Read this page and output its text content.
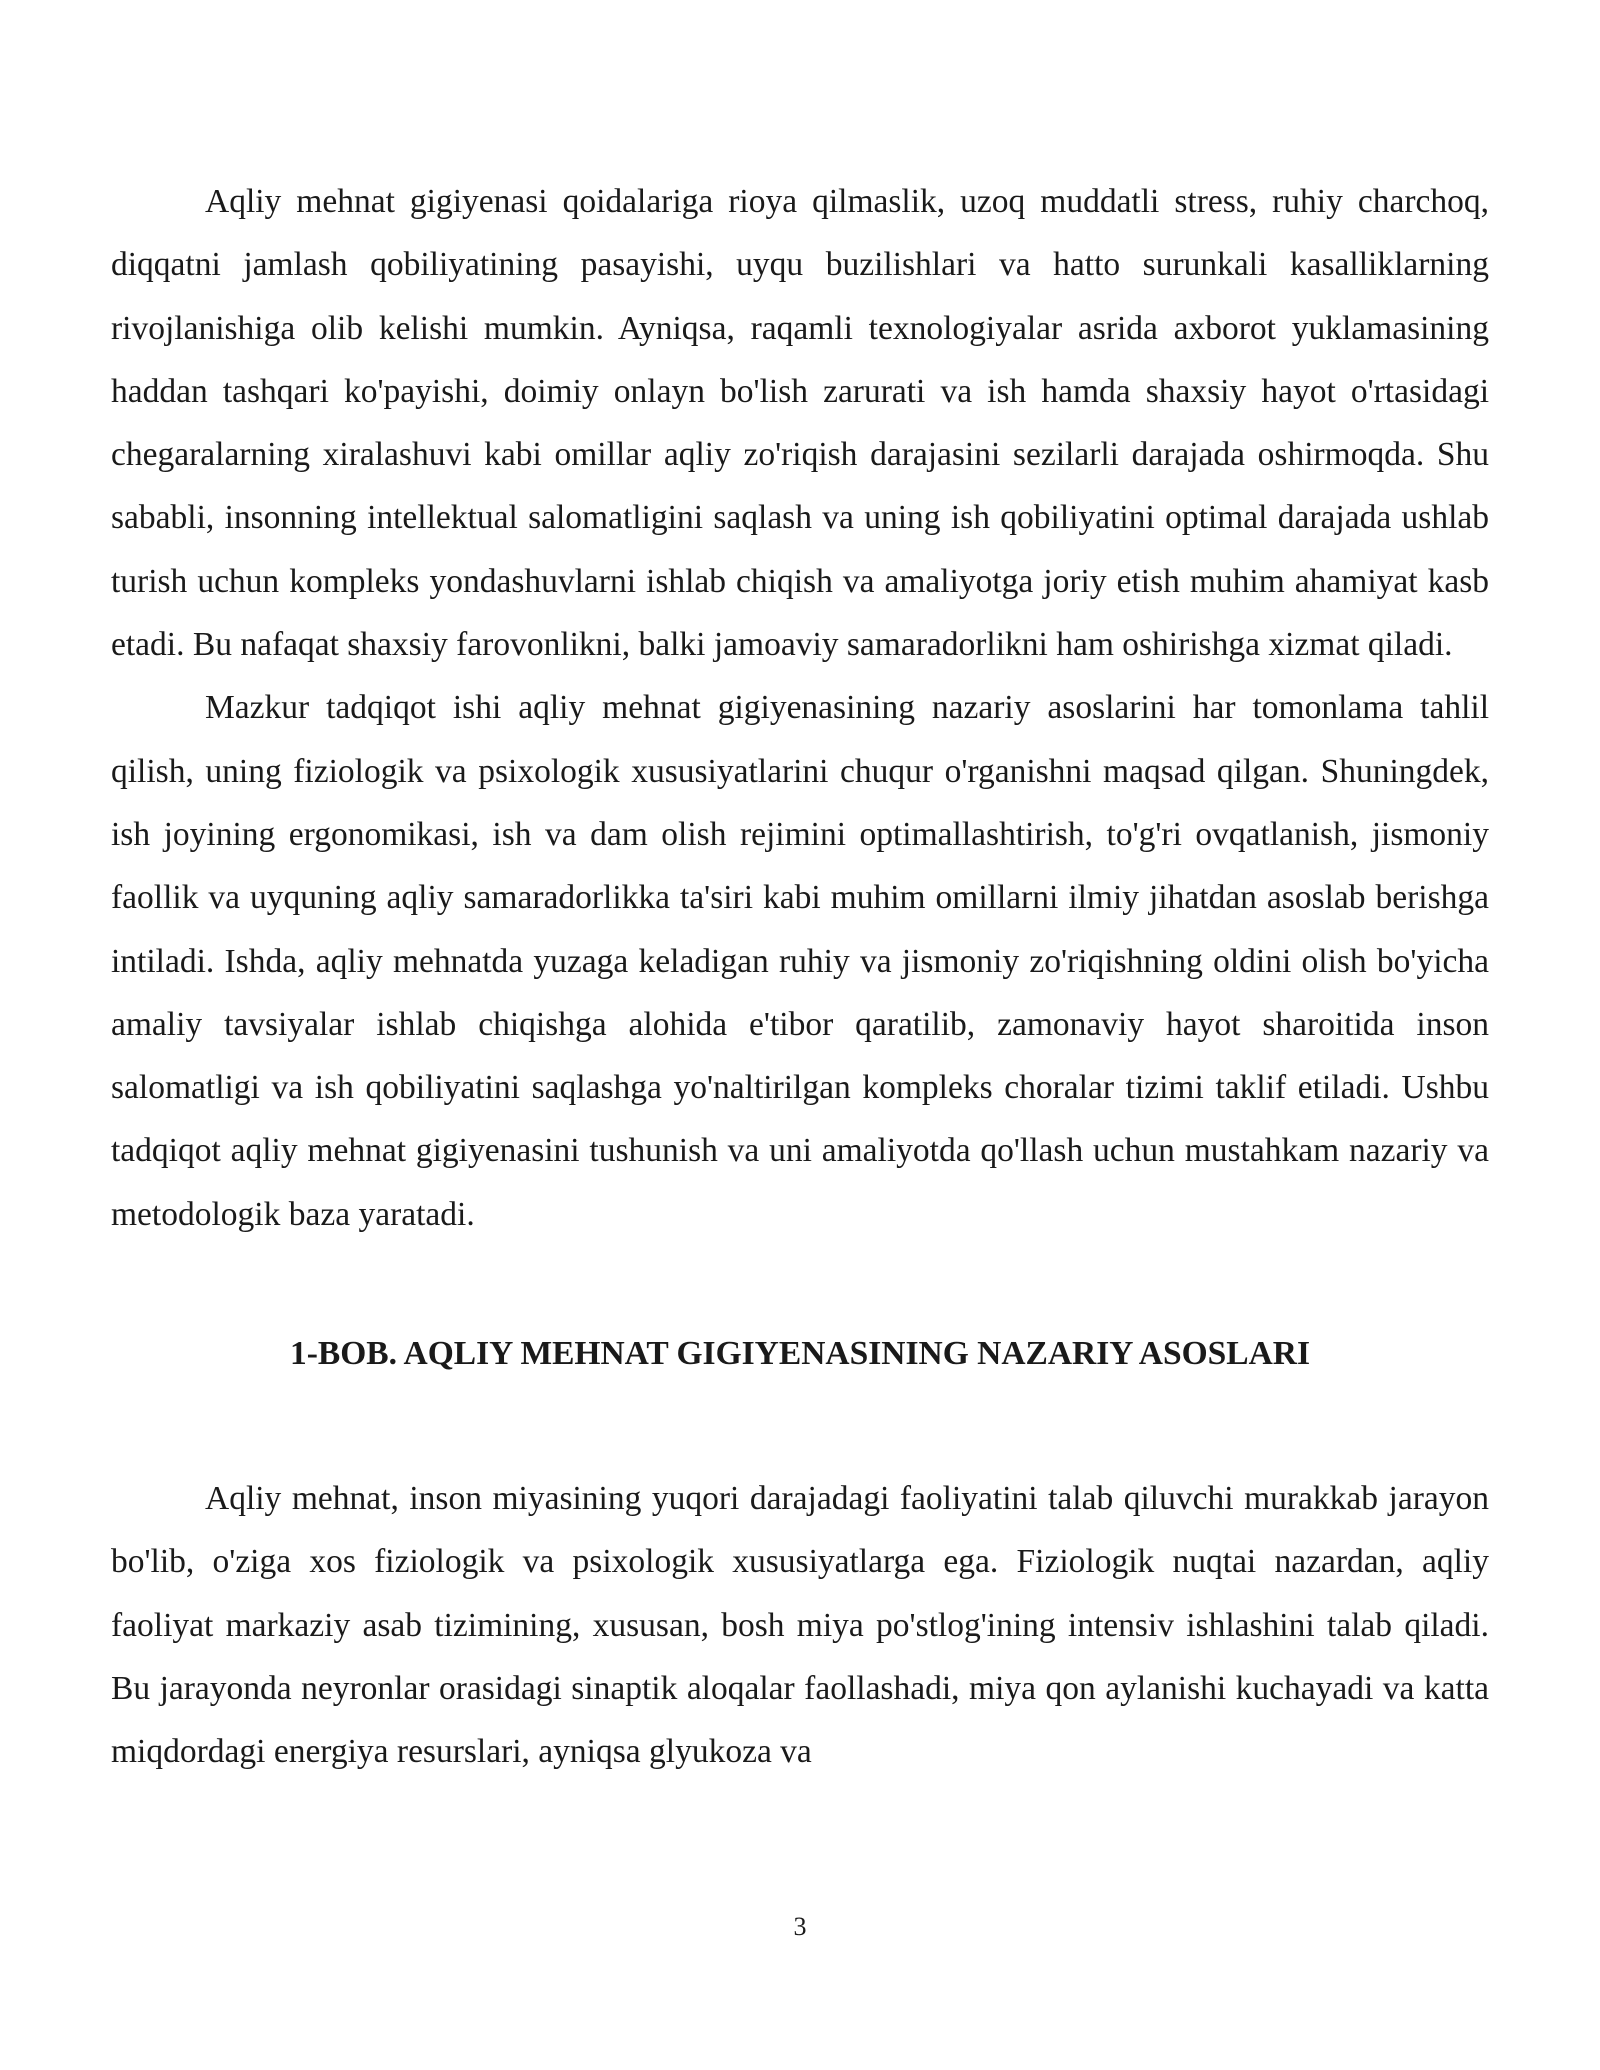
Aqliy mehnat gigiyenasi qoidalariga rioya qilmaslik, uzoq muddatli stress, ruhiy charchoq, diqqatni jamlash qobiliyatining pasayishi, uyqu buzilishlari va hatto surunkali kasalliklarning rivojlanishiga olib kelishi mumkin. Ayniqsa, raqamli texnologiyalar asrida axborot yuklamasining haddan tashqari ko'payishi, doimiy onlayn bo'lish zarurati va ish hamda shaxsiy hayot o'rtasidagi chegaralarning xiralashuvi kabi omillar aqliy zo'riqish darajasini sezilarli darajada oshirmoqda. Shu sababli, insonning intellektual salomatligini saqlash va uning ish qobiliyatini optimal darajada ushlab turish uchun kompleks yondashuvlarni ishlab chiqish va amaliyotga joriy etish muhim ahamiyat kasb etadi. Bu nafaqat shaxsiy farovonlikni, balki jamoaviy samaradorlikni ham oshirishga xizmat qiladi.

Mazkur tadqiqot ishi aqliy mehnat gigiyenasining nazariy asoslarini har tomonlama tahlil qilish, uning fiziologik va psixologik xususiyatlarini chuqur o'rganishni maqsad qilgan. Shuningdek, ish joyining ergonomikasi, ish va dam olish rejimini optimallashtirish, to'g'ri ovqatlanish, jismoniy faollik va uyquning aqliy samaradorlikka ta'siri kabi muhim omillarni ilmiy jihatdan asoslab berishga intiladi. Ishda, aqliy mehnatda yuzaga keladigan ruhiy va jismoniy zo'riqishning oldini olish bo'yicha amaliy tavsiyalar ishlab chiqishga alohida e'tibor qaratilib, zamonaviy hayot sharoitida inson salomatligi va ish qobiliyatini saqlashga yo'naltirilgan kompleks choralar tizimi taklif etiladi. Ushbu tadqiqot aqliy mehnat gigiyenasini tushunish va uni amaliyotda qo'llash uchun mustahkam nazariy va metodologik baza yaratadi.

1-BOB. AQLIY MEHNAT GIGIYENASINING NAZARIY ASOSLARI

Aqliy mehnat, inson miyasining yuqori darajadagi faoliyatini talab qiluvchi murakkab jarayon bo'lib, o'ziga xos fiziologik va psixologik xususiyatlarga ega. Fiziologik nuqtai nazardan, aqliy faoliyat markaziy asab tizimining, xususan, bosh miya po'stlog'ining intensiv ishlashini talab qiladi. Bu jarayonda neyronlar orasidagi sinaptik aloqalar faollashadi, miya qon aylanishi kuchayadi va katta miqdordagi energiya resurslari, ayniqsa glyukoza va

3
